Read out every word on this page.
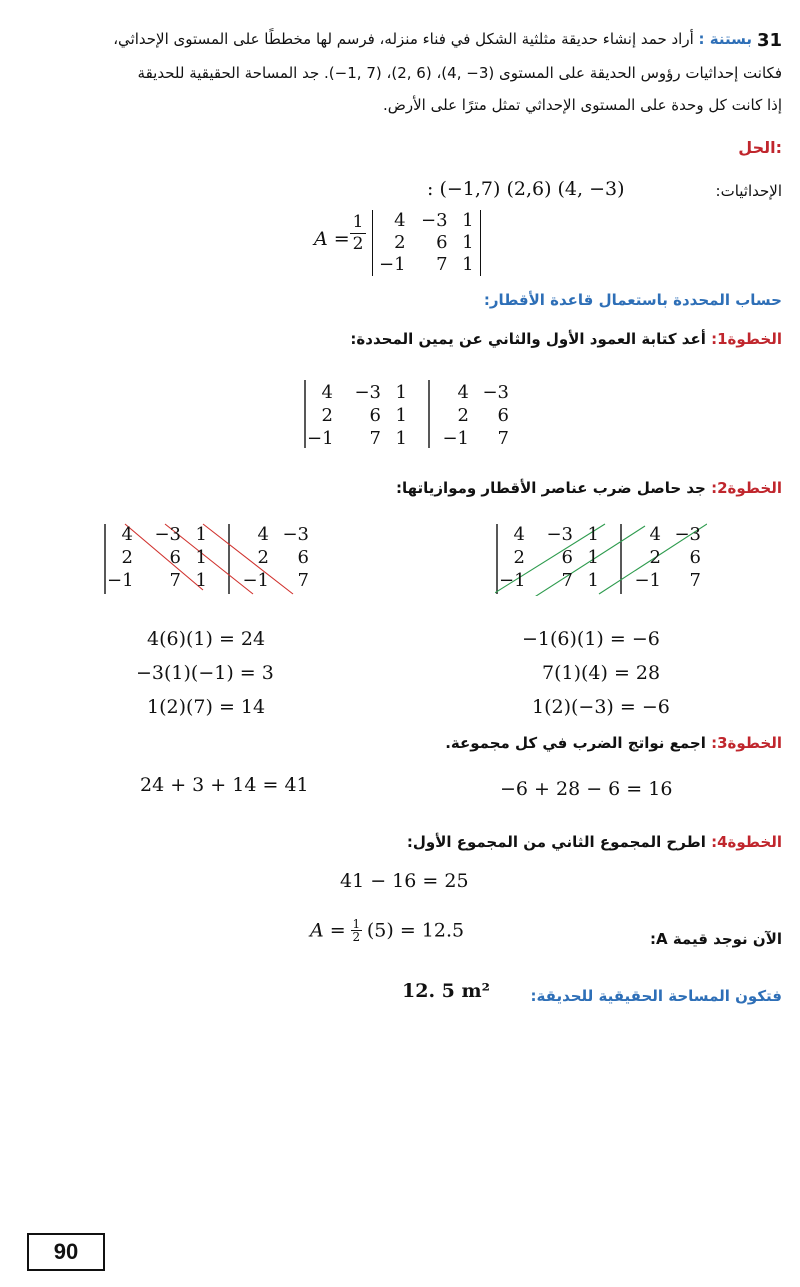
31
بستنة : أراد حمد إنشاء حديقة مثلثية الشكل في فناء منزله، فرسم لها مخططًا على المستوى الإحداثي،
فكانت إحداثيات رؤوس الحديقة على المستوى (3− ,4)، (6 ,2)، (7 ,1−). جد المساحة الحقيقية للحديقة
إذا كانت كل وحدة على المستوى الإحداثي تمثل مترًا على الأرض.
الحل:
الإحداثيات:
: (−1,7) (2,6) (4, −3)
A =
1
2
4	−3	1
2	6	1
−1	7	1
حساب المحددة باستعمال قاعدة الأقطار:
الخطوة1: أعد كتابة العمود الأول والثاني عن يمين المحددة:
4	−3 1	4 −3
2	6 1	2	6
−1	7 1 −1	7
الخطوة2: جد حاصل ضرب عناصر الأقطار وموازياتها:
4	−3 1	4 −3
2	6 1	2	6
−1	7 1 −1	7
4	−3 1	4 −3
2	6 1	2	6
−1	7 1 −1	7
4(6)(1) = 24
−3(1)(−1) = 3
1(2)(7) = 14
−1(6)(1) = −6
7(1)(4) = 28
1(2)(−3) = −6
الخطوة3: اجمع نواتج الضرب في كل مجموعة.
24 + 3 + 14 = 41	−6 + 28 − 6 = 16
الخطوة4: اطرح المجموع الثاني من المجموع الأول:
41 − 16 = 25
الآن نوجد قيمة A:
$A = \frac{1}{2} (5) = 12.5$
فتكون المساحة الحقيقية للحديقة:
12. 5 m²
90
